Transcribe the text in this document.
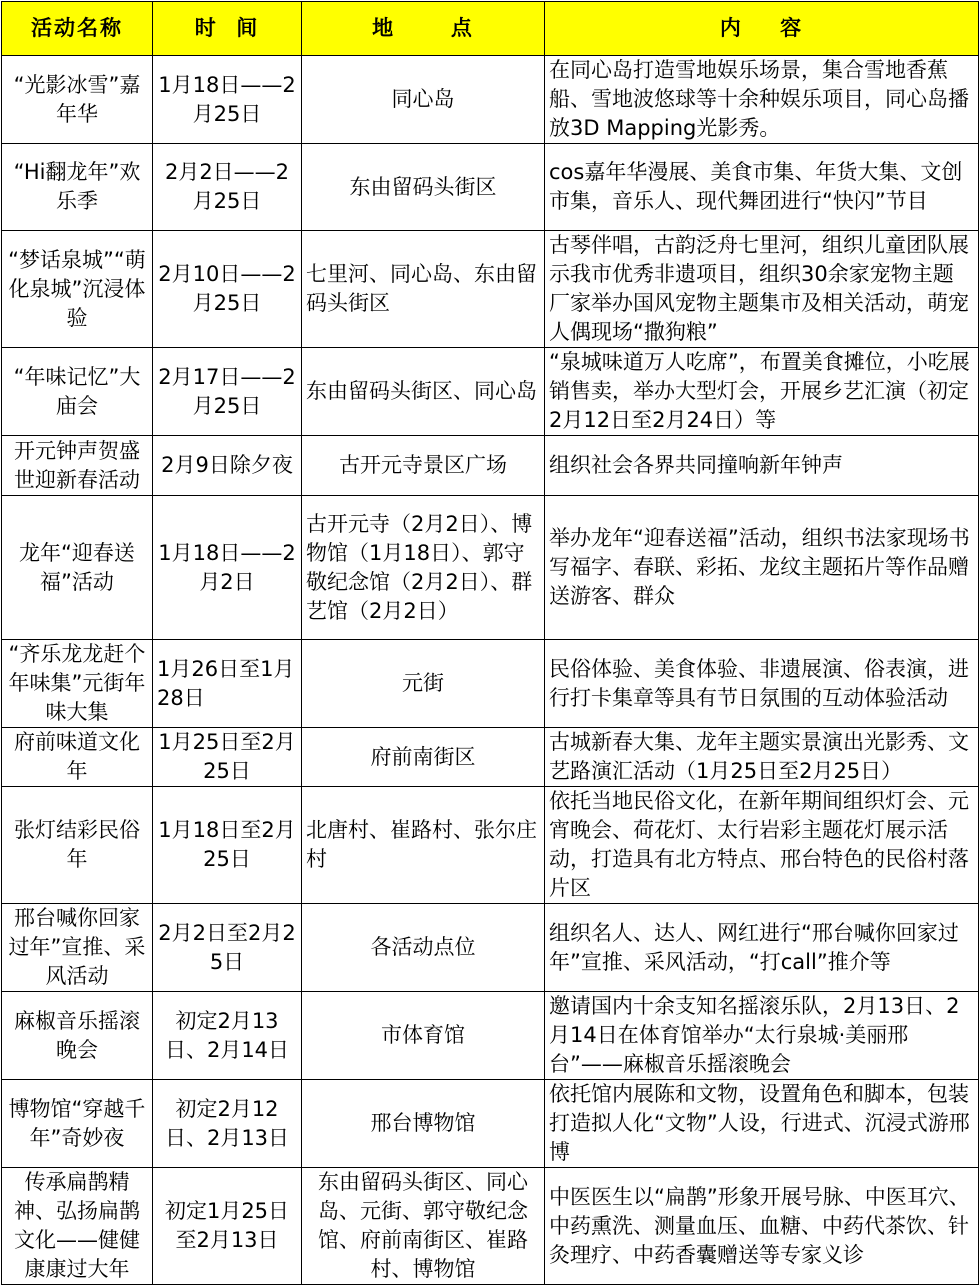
活动名称	时  间	地      点	内    容
“光影冰雪”嘉年华	1月18日——2月25日	同心岛	在同心岛打造雪地娱乐场景，集合雪地香蕉船、雪地波悠球等十余种娱乐项目，同心岛播放3D Mapping光影秀。
“Hi翻龙年”欢乐季	2月2日——2月25日	东由留码头街区	cos嘉年华漫展、美食市集、年货大集、文创市集，音乐人、现代舞团进行“快闪”节目
“梦话泉城”“萌化泉城”沉浸体验	2月10日——2月25日	七里河、同心岛、东由留码头街区	古琴伴唱，古韵泛舟七里河，组织儿童团队展示我市优秀非遗项目，组织30余家宠物主题厂家举办国风宠物主题集市及相关活动，萌宠人偶现场“撒狗粮”
“年味记忆”大庙会	2月17日——2月25日	东由留码头街区、同心岛	“泉城味道万人吃席”，布置美食摊位，小吃展销售卖，举办大型灯会，开展乡艺汇演（初定2月12日至2月24日）等
开元钟声贺盛世迎新春活动	2月9日除夕夜	古开元寺景区广场	组织社会各界共同撞响新年钟声
龙年“迎春送福”活动	1月18日——2月2日	古开元寺（2月2日）、博物馆（1月18日）、郭守敬纪念馆（2月2日）、群艺馆（2月2日）	举办龙年“迎春送福”活动，组织书法家现场书写福字、春联、彩拓、龙纹主题拓片等作品赠送游客、群众
“齐乐龙龙赶个年味集”元街年味大集	1月26日至1月28日	元街	民俗体验、美食体验、非遗展演、俗表演，进行打卡集章等具有节日氛围的互动体验活动
府前味道文化年	1月25日至2月25日	府前南街区	古城新春大集、龙年主题实景演出光影秀、文艺路演汇活动（1月25日至2月25日）
张灯结彩民俗年	1月18日至2月25日	北唐村、崔路村、张尔庄村	依托当地民俗文化，在新年期间组织灯会、元宵晚会、荷花灯、太行岩彩主题花灯展示活动，打造具有北方特点、邢台特色的民俗村落片区
邢台喊你回家过年”宣推、采风活动	2月2日至2月25日	各活动点位	组织名人、达人、网红进行“邢台喊你回家过年”宣推、采风活动，“打call”推介等
麻椒音乐摇滚晚会	初定2月13日、2月14日	市体育馆	邀请国内十余支知名摇滚乐队，2月13日、2月14日在体育馆举办“太行泉城·美丽邢台”——麻椒音乐摇滚晚会
博物馆“穿越千年”奇妙夜	初定2月12日、2月13日	邢台博物馆	依托馆内展陈和文物，设置角色和脚本，包装打造拟人化“文物”人设，行进式、沉浸式游邢博
传承扁鹊精神、弘扬扁鹊文化——健健康康过大年	初定1月25日至2月13日	东由留码头街区、同心岛、元街、郭守敬纪念馆、府前南街区、崔路村、博物馆	中医医生以“扁鹊”形象开展号脉、中医耳穴、中药熏洗、测量血压、血糖、中药代茶饮、针灸理疗、中药香囊赠送等专家义诊
